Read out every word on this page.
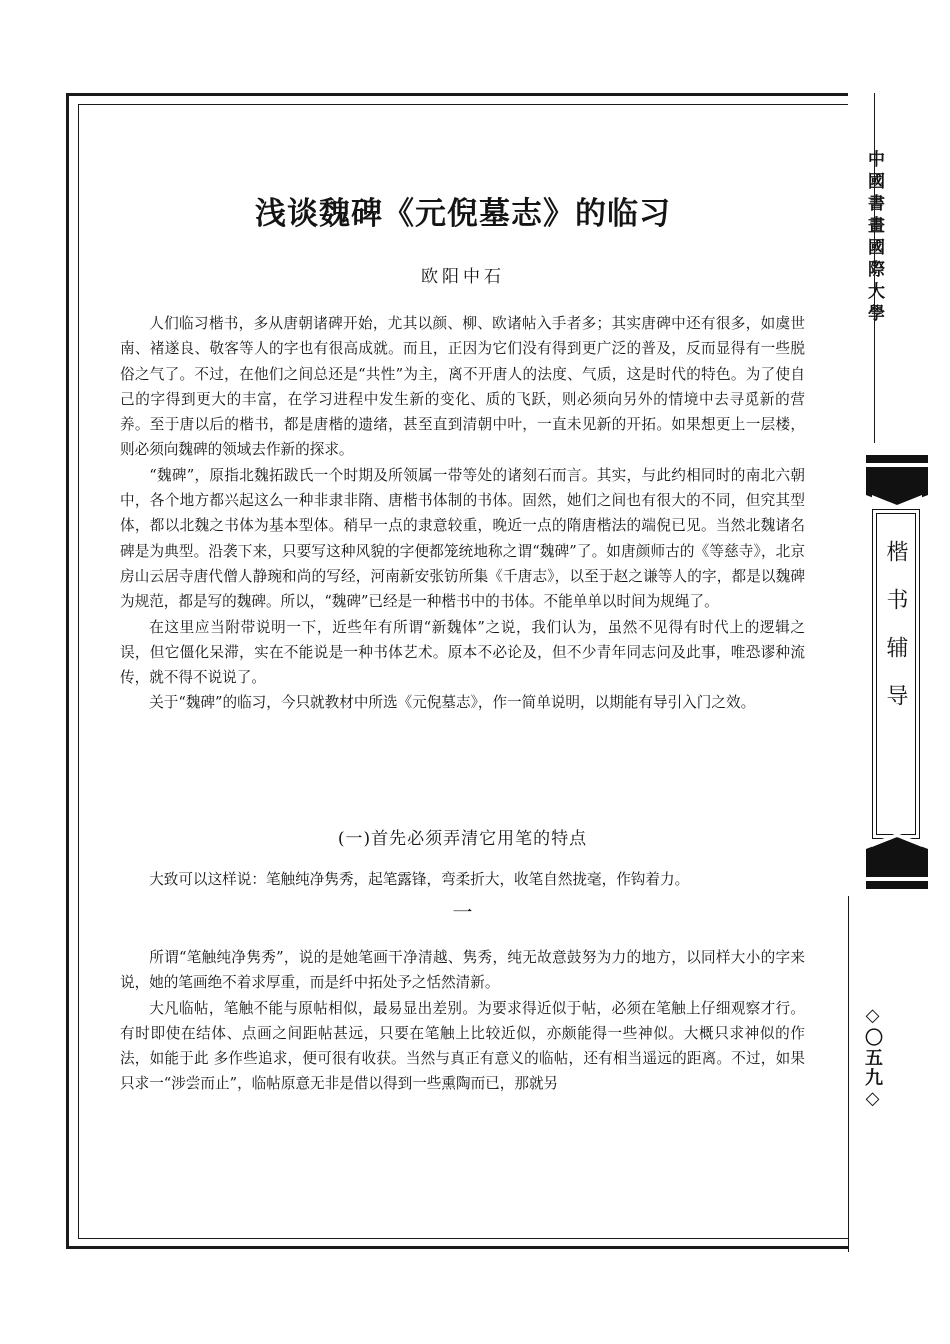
浅谈魏碑《元倪墓志》的临习
欧阳中石

人们临习楷书，多从唐朝诸碑开始，尤其以颜、柳、欧诸帖入手者多；其实唐碑中还有很多，如虞世南、褚遂良、敬客等人的字也有很高成就。而且，正因为它们没有得到更广泛的普及，反而显得有一些脱俗之气了。不过，在他们之间总还是“共性”为主，离不开唐人的法度、气质，这是时代的特色。为了使自己的字得到更大的丰富，在学习进程中发生新的变化、质的飞跃，则必须向另外的情境中去寻觅新的营养。至于唐以后的楷书，都是唐楷的遗绪，甚至直到清朝中叶，一直未见新的开拓。如果想更上一层楼，则必须向魏碑的领域去作新的探求。

“魏碑”，原指北魏拓跋氏一个时期及所领属一带等处的诸刻石而言。其实，与此约相同时的南北六朝中，各个地方都兴起这么一种非隶非隋、唐楷书体制的书体。固然，她们之间也有很大的不同，但究其型体，都以北魏之书体为基本型体。稍早一点的隶意较重，晚近一点的隋唐楷法的端倪已见。当然北魏诸名碑是为典型。沿袭下来，只要写这种风貌的字便都笼统地称之谓“魏碑”了。如唐颜师古的《等慈寺》，北京房山云居寺唐代僧人静琬和尚的写经，河南新安张钫所集《千唐志》，以至于赵之谦等人的字，都是以魏碑为规范，都是写的魏碑。所以，“魏碑”已经是一种楷书中的书体。不能单单以时间为规绳了。

在这里应当附带说明一下，近些年有所谓“新魏体”之说，我们认为，虽然不见得有时代上的逻辑之误，但它僵化呆滞，实在不能说是一种书体艺术。原本不必论及，但不少青年同志问及此事，唯恐谬种流传，就不得不说说了。

关于“魏碑”的临习，今只就教材中所选《元倪墓志》，作一简单说明，以期能有导引入门之效。

(一)首先必须弄清它用笔的特点
大致可以这样说：笔触纯净隽秀，起笔露锋，弯柔折大，收笔自然拢毫，作钩着力。
一

所谓“笔触纯净隽秀”，说的是她笔画干净清越、隽秀，纯无故意鼓努为力的地方，以同样大小的字来说，她的笔画绝不着求厚重，而是纤中拓处予之恬然清新。

大凡临帖，笔触不能与原帖相似，最易显出差别。为要求得近似于帖，必须在笔触上仔细观察才行。有时即使在结体、点画之间距帖甚远，只要在笔触上比较近似，亦颇能得一些神似。大概只求神似的作法，如能于此 多作些追求，便可很有收获。当然与真正有意义的临帖，还有相当遥远的距离。不过，如果只求一“涉尝而止”，临帖原意无非是借以得到一些熏陶而已，那就另

中國書畫國際大學
楷书辅导
◇〇五九◇
